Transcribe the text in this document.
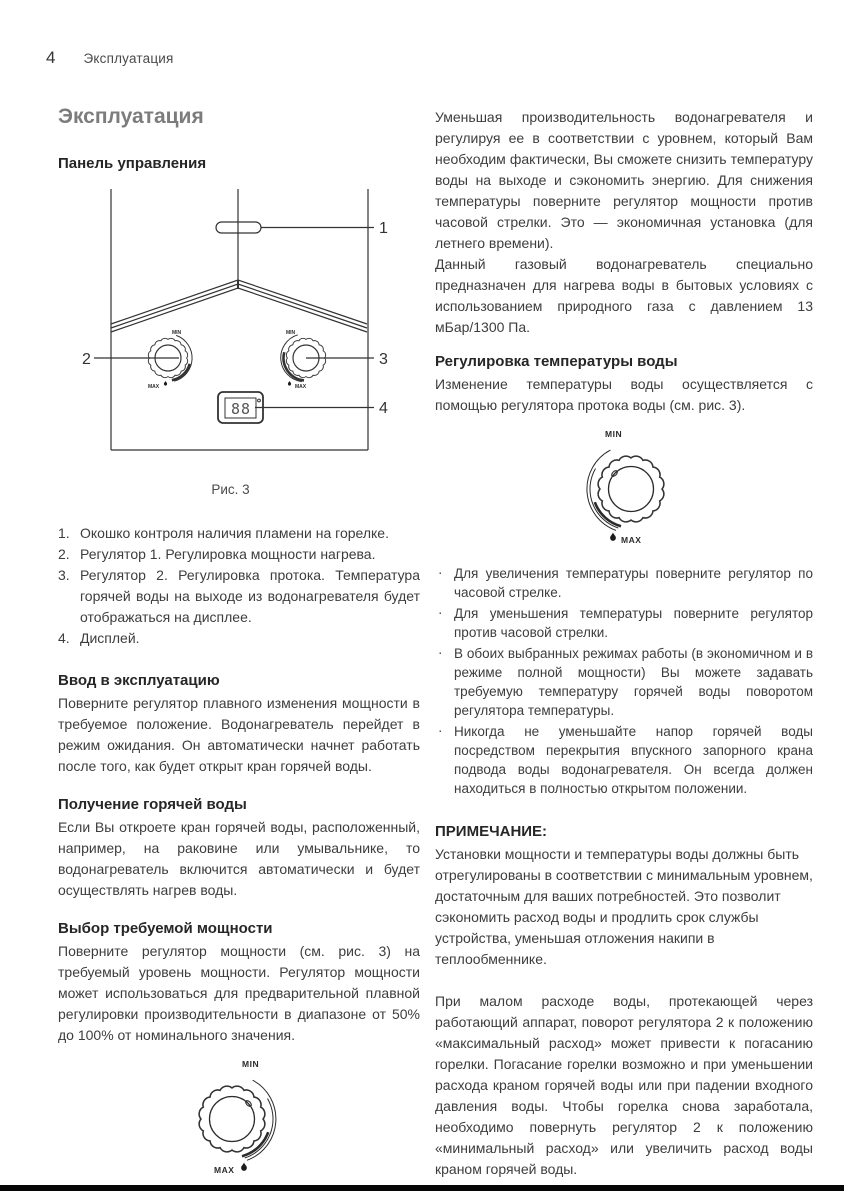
4 Эксплуатация
Эксплуатация
Панель управления
MIN
MAX
MIN
MAX
88
1
2	3
4
Рис. 3
1. Окошко контроля наличия пламени на горелке.
2. Регулятор 1. Регулировка мощности нагрева.
3. Регулятор 2. Регулировка протока. Температура горячей воды на выходе из водонагревателя будет отображаться на дисплее.
4. Дисплей.
Ввод в эксплуатацию

Поверните регулятор плавного изменения мощности в требуемое положение. Водонагреватель перейдет в режим ожидания. Он автоматически начнет работать после того, как будет открыт кран горячей воды.

Получение горячей воды

Если Вы откроете кран горячей воды, расположенный, например, на раковине или умывальнике, то водонагреватель включится автоматически и будет осуществлять нагрев воды.

Выбор требуемой мощности

Поверните регулятор мощности (см. рис. 3) на требуемый уровень мощности. Регулятор мощности может использоваться для предварительной плавной регулировки производительности в диапазоне от 50% до 100% от номинального значения.

MIN
MAX

Уменьшая производительность водонагревателя и регулируя ее в соответствии с уровнем, который Вам необходим фактически, Вы сможете снизить температуру воды на выходе и сэкономить энергию. Для снижения температуры поверните регулятор мощности против часовой стрелки. Это — экономичная установка (для летнего времени).

Данный газовый водонагреватель специально предназначен для нагрева воды в бытовых условиях с использованием природного газа с давлением 13 мБар/1300 Па.

Регулировка температуры воды

Изменение температуры воды осуществляется с помощью регулятора протока воды (см. рис. 3).

MIN
MAX
· Для увеличения температуры поверните регулятор по часовой стрелке.
· Для уменьшения температуры поверните регулятор против часовой стрелки.
· В обоих выбранных режимах работы (в экономичном и в режиме полной мощности) Вы можете задавать требуемую температуру горячей воды поворотом регулятора температуры.
· Никогда не уменьшайте напор горячей воды посредством перекрытия впускного запорного крана подвода воды водонагревателя. Он всегда должен находиться в полностью открытом положении.
ПРИМЕЧАНИЕ:

Установки мощности и температуры воды должны быть отрегулированы в соответствии с минимальным уровнем, достаточным для ваших потребностей. Это позволит сэкономить расход воды и продлить срок службы устройства, уменьшая отложения накипи в теплообменнике.

При малом расходе воды, протекающей через работающий аппарат, поворот регулятора 2 к положению «максимальный расход» может привести к погасанию горелки. Погасание горелки возможно и при уменьшении расхода краном горячей воды или при падении входного давления воды. Чтобы горелка снова заработала, необходимо повернуть регулятор 2 к положению «минимальный расход» или увеличить расход воды краном горячей воды.
